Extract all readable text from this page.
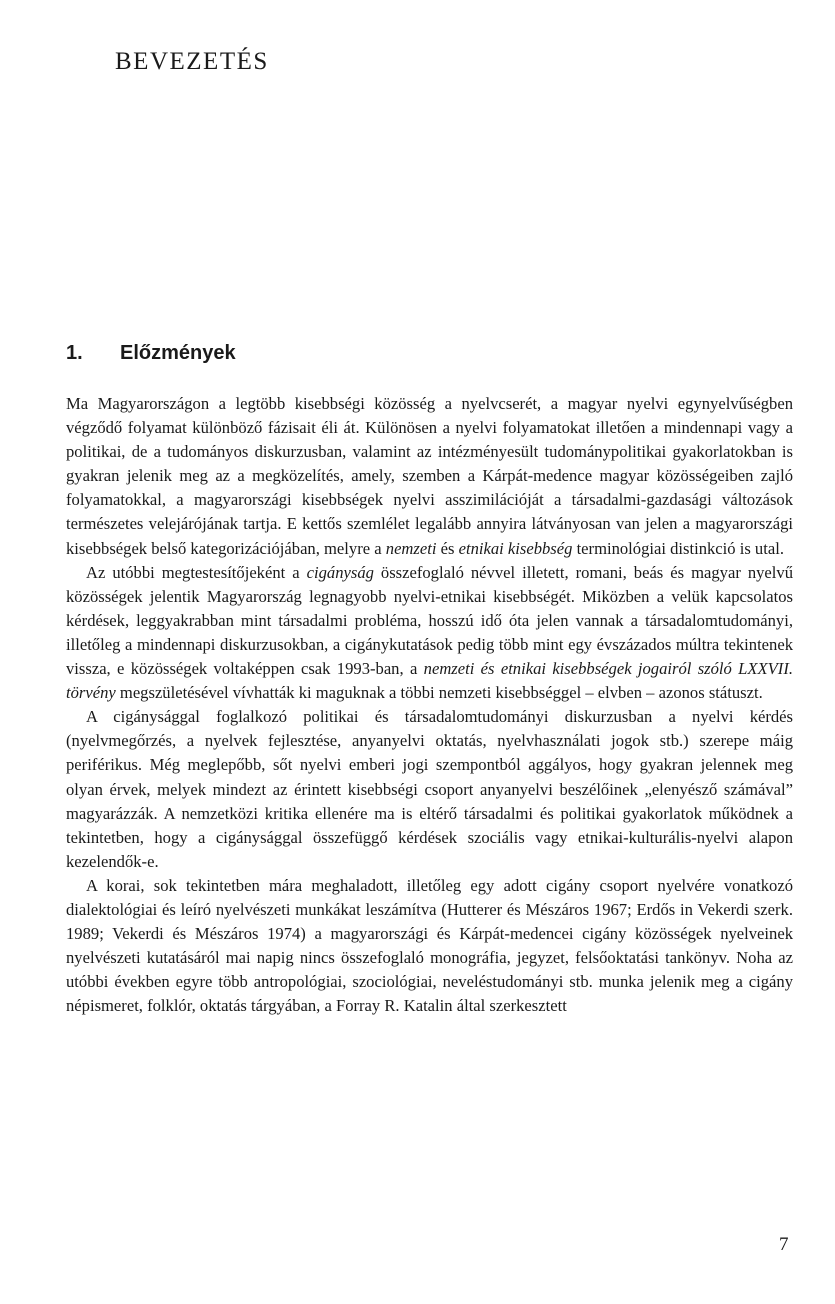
BEVEZETÉS
1. Előzmények

Ma Magyarországon a legtöbb kisebbségi közösség a nyelvcserét, a magyar nyelvi egynyelvűségben végződő folyamat különböző fázisait éli át. Különösen a nyelvi folyamatokat illetően a mindennapi vagy a politikai, de a tudományos diskurzusban, valamint az intézményesült tudománypolitikai gyakorlatokban is gyakran jelenik meg az a megközelítés, amely, szemben a Kárpát-medence magyar közösségeiben zajló folyamatokkal, a magyarországi kisebbségek nyelvi asszimilációját a társadalmi-gazdasági változások természetes velejárójának tartja. E kettős szemlélet legalább annyira látványosan van jelen a magyarországi kisebbségek belső kategorizációjában, melyre a nemzeti és etnikai kisebbség terminológiai distinkció is utal.

Az utóbbi megtestesítőjeként a cigányság összefoglaló névvel illetett, romani, beás és magyar nyelvű közösségek jelentik Magyarország legnagyobb nyelvi-etnikai kisebbségét. Miközben a velük kapcsolatos kérdések, leggyakrabban mint társadalmi probléma, hosszú idő óta jelen vannak a társadalomtudományi, illetőleg a mindennapi diskurzusokban, a cigánykutatások pedig több mint egy évszázados múltra tekintenek vissza, e közösségek voltaképpen csak 1993-ban, a nemzeti és etnikai kisebbségek jogairól szóló LXXVII. törvény megszületésével vívhatták ki maguknak a többi nemzeti kisebbséggel – elvben – azonos státuszt.

A cigánysággal foglalkozó politikai és társadalomtudományi diskurzusban a nyelvi kérdés (nyelvmegőrzés, a nyelvek fejlesztése, anyanyelvi oktatás, nyelvhasználati jogok stb.) szerepe máig periférikus. Még meglepőbb, sőt nyelvi emberi jogi szempontból aggályos, hogy gyakran jelennek meg olyan érvek, melyek mindezt az érintett kisebbségi csoport anyanyelvi beszélőinek „elenyésző számával” magyarázzák. A nemzetközi kritika ellenére ma is eltérő társadalmi és politikai gyakorlatok működnek a tekintetben, hogy a cigánysággal összefüggő kérdések szociális vagy etnikai-kulturális-nyelvi alapon kezelendők-e.

A korai, sok tekintetben mára meghaladott, illetőleg egy adott cigány csoport nyelvére vonatkozó dialektológiai és leíró nyelvészeti munkákat leszámítva (Hutterer és Mészáros 1967; Erdős in Vekerdi szerk. 1989; Vekerdi és Mészáros 1974) a magyarországi és Kárpát-medencei cigány közösségek nyelveinek nyelvészeti kutatásáról mai napig nincs összefoglaló monográfia, jegyzet, felsőoktatási tankönyv. Noha az utóbbi években egyre több antropológiai, szociológiai, neveléstudományi stb. munka jelenik meg a cigány népismeret, folklór, oktatás tárgyában, a Forray R. Katalin által szerkesztett

7
